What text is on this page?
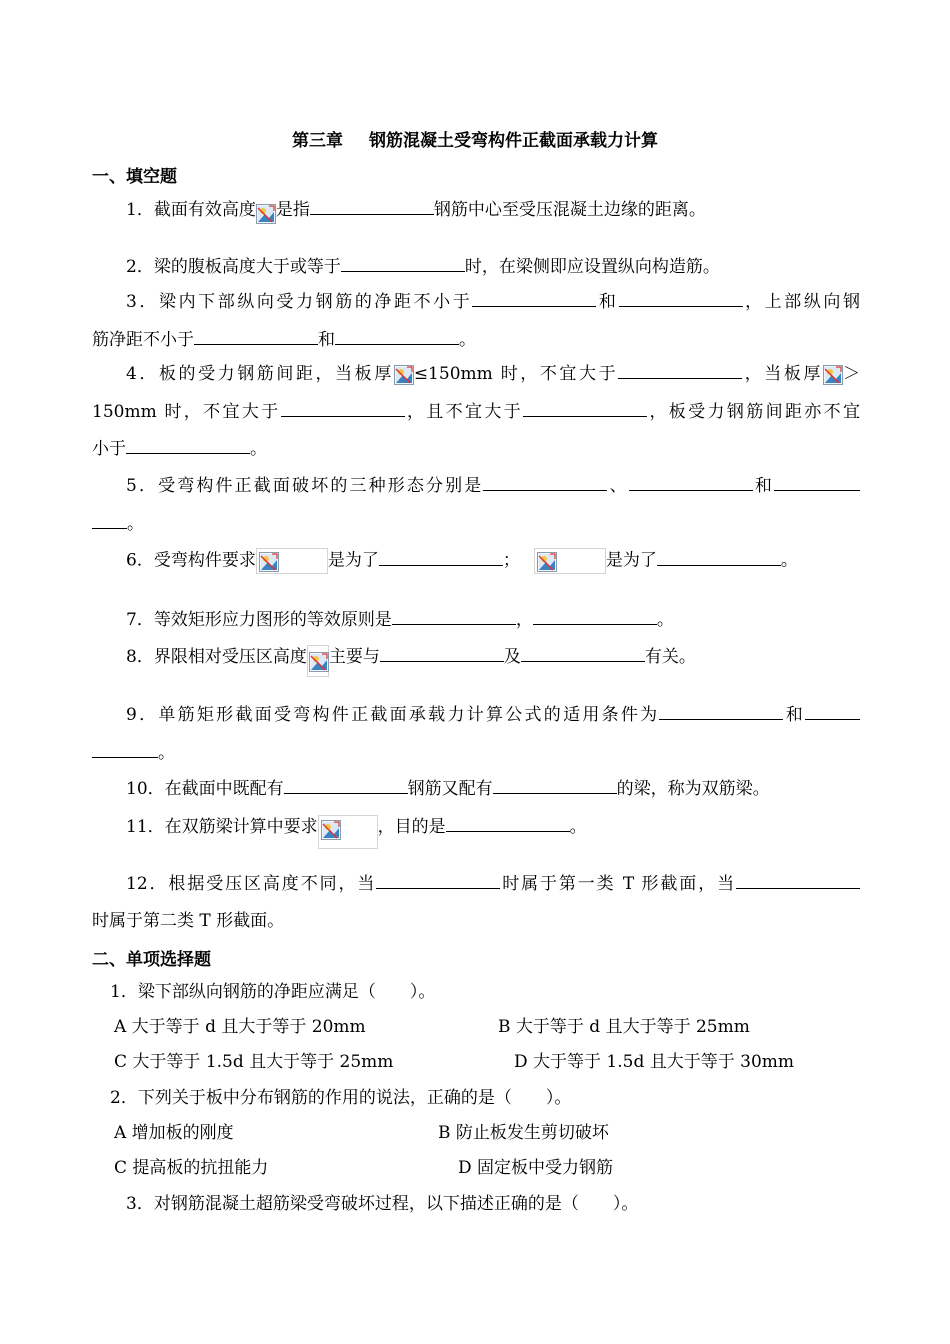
第三章 钢筋混凝土受弯构件正截面承载力计算
一、填空题
1．截面有效高度 是指	钢筋中心至受压混凝土边缘的距离。
2．梁的腹板高度大于或等于	时，在梁侧即应设置纵向构造筋。
3．梁内下部纵向受力钢筋的净距不小于	和	，上部纵向钢
筋净距不小于	和	。
4．板的受力钢筋间距，当板厚 ≤150mm 时，不宜大于	，当板厚 ＞
150mm 时，不宜大于	，且不宜大于	，板受力钢筋间距亦不宜
小于	。
5．受弯构件正截面破坏的三种形态分别是	、	和
。
6．受弯构件要求	是为了	；	是为了	。
7．等效矩形应力图形的等效原则是	，	。
8．界限相对受压区高度 主要与	及	有关。
9．单筋矩形截面受弯构件正截面承载力计算公式的适用条件为	和
。
10．在截面中既配有	钢筋又配有	的梁，称为双筋梁。
11．在双筋梁计算中要求	，目的是	。
12．根据受压区高度不同，当	时属于第一类 T 形截面，当
时属于第二类 T 形截面。
二、单项选择题
1．梁下部纵向钢筋的净距应满足（　　）。
A 大于等于 d 且大于等于 20mm	B 大于等于 d 且大于等于 25mm
C 大于等于 1.5d 且大于等于 25mm	D 大于等于 1.5d 且大于等于 30mm
2．下列关于板中分布钢筋的作用的说法，正确的是（　　）。
A 增加板的刚度	B 防止板发生剪切破坏
C 提高板的抗扭能力	D 固定板中受力钢筋
3．对钢筋混凝土超筋梁受弯破坏过程，以下描述正确的是（　　）。
